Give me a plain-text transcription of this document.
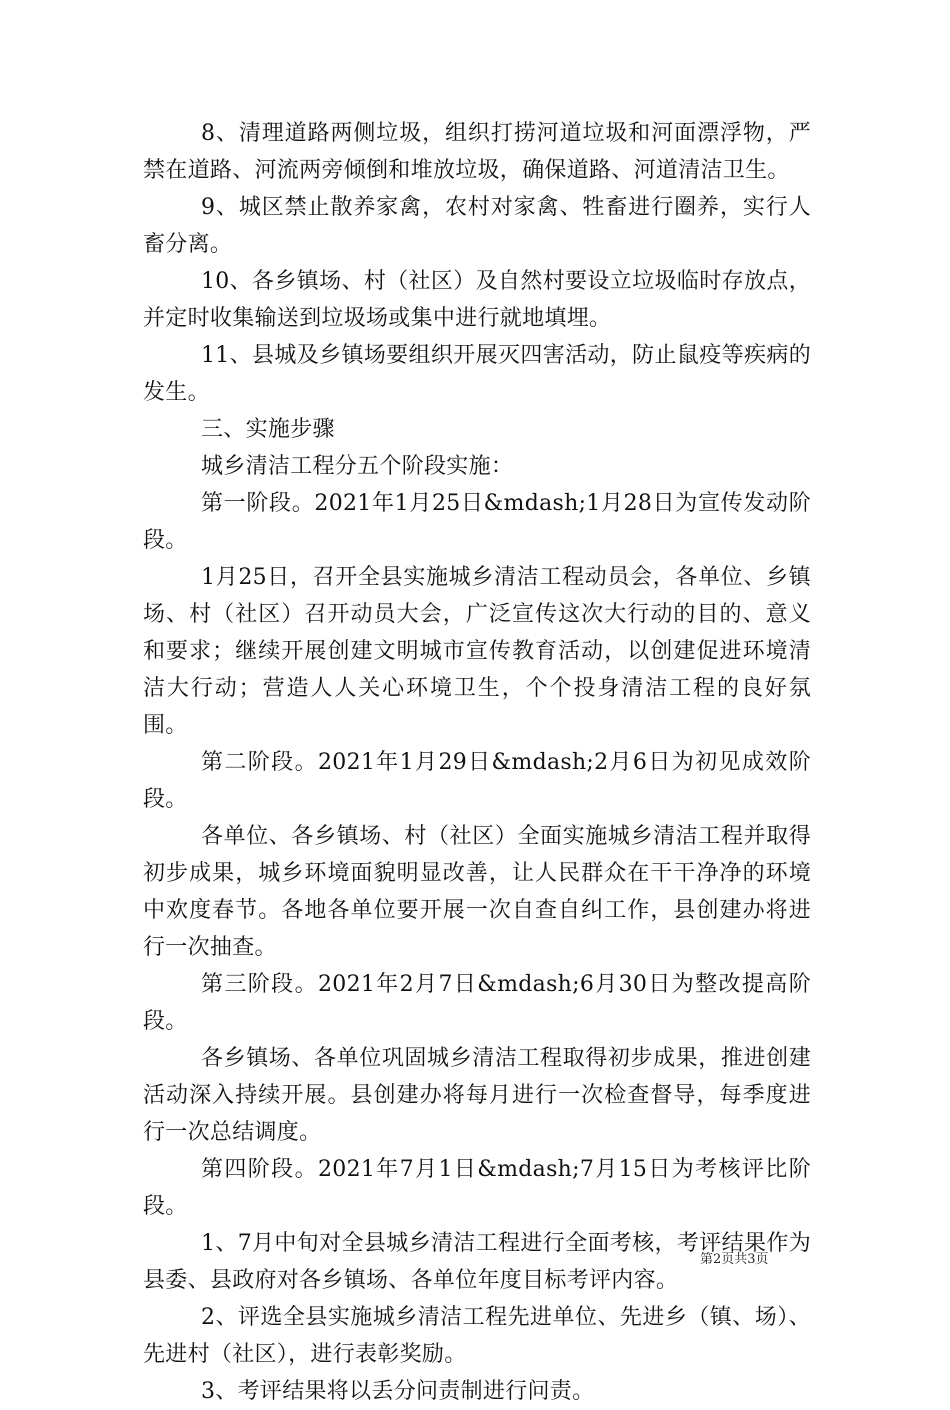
8、清理道路两侧垃圾，组织打捞河道垃圾和河面漂浮物，严禁在道路、河流两旁倾倒和堆放垃圾，确保道路、河道清洁卫生。

9、城区禁止散养家禽，农村对家禽、牲畜进行圈养，实行人畜分离。

10、各乡镇场、村（社区）及自然村要设立垃圾临时存放点，并定时收集输送到垃圾场或集中进行就地填埋。

11、县城及乡镇场要组织开展灭四害活动，防止鼠疫等疾病的发生。

三、实施步骤

城乡清洁工程分五个阶段实施：

第一阶段。2021年1月25日&mdash;1月28日为宣传发动阶段。

1月25日，召开全县实施城乡清洁工程动员会，各单位、乡镇场、村（社区）召开动员大会，广泛宣传这次大行动的目的、意义和要求；继续开展创建文明城市宣传教育活动，以创建促进环境清洁大行动；营造人人关心环境卫生，个个投身清洁工程的良好氛围。

第二阶段。2021年1月29日&mdash;2月6日为初见成效阶段。

各单位、各乡镇场、村（社区）全面实施城乡清洁工程并取得初步成果，城乡环境面貌明显改善，让人民群众在干干净净的环境中欢度春节。各地各单位要开展一次自查自纠工作，县创建办将进行一次抽查。

第三阶段。2021年2月7日&mdash;6月30日为整改提高阶段。

各乡镇场、各单位巩固城乡清洁工程取得初步成果，推进创建活动深入持续开展。县创建办将每月进行一次检查督导，每季度进行一次总结调度。

第四阶段。2021年7月1日&mdash;7月15日为考核评比阶段。

1、7月中旬对全县城乡清洁工程进行全面考核，考评结果作为县委、县政府对各乡镇场、各单位年度目标考评内容。

2、评选全县实施城乡清洁工程先进单位、先进乡（镇、场）、先进村（社区），进行表彰奖励。

3、考评结果将以丢分问责制进行问责。

第2页共3页
